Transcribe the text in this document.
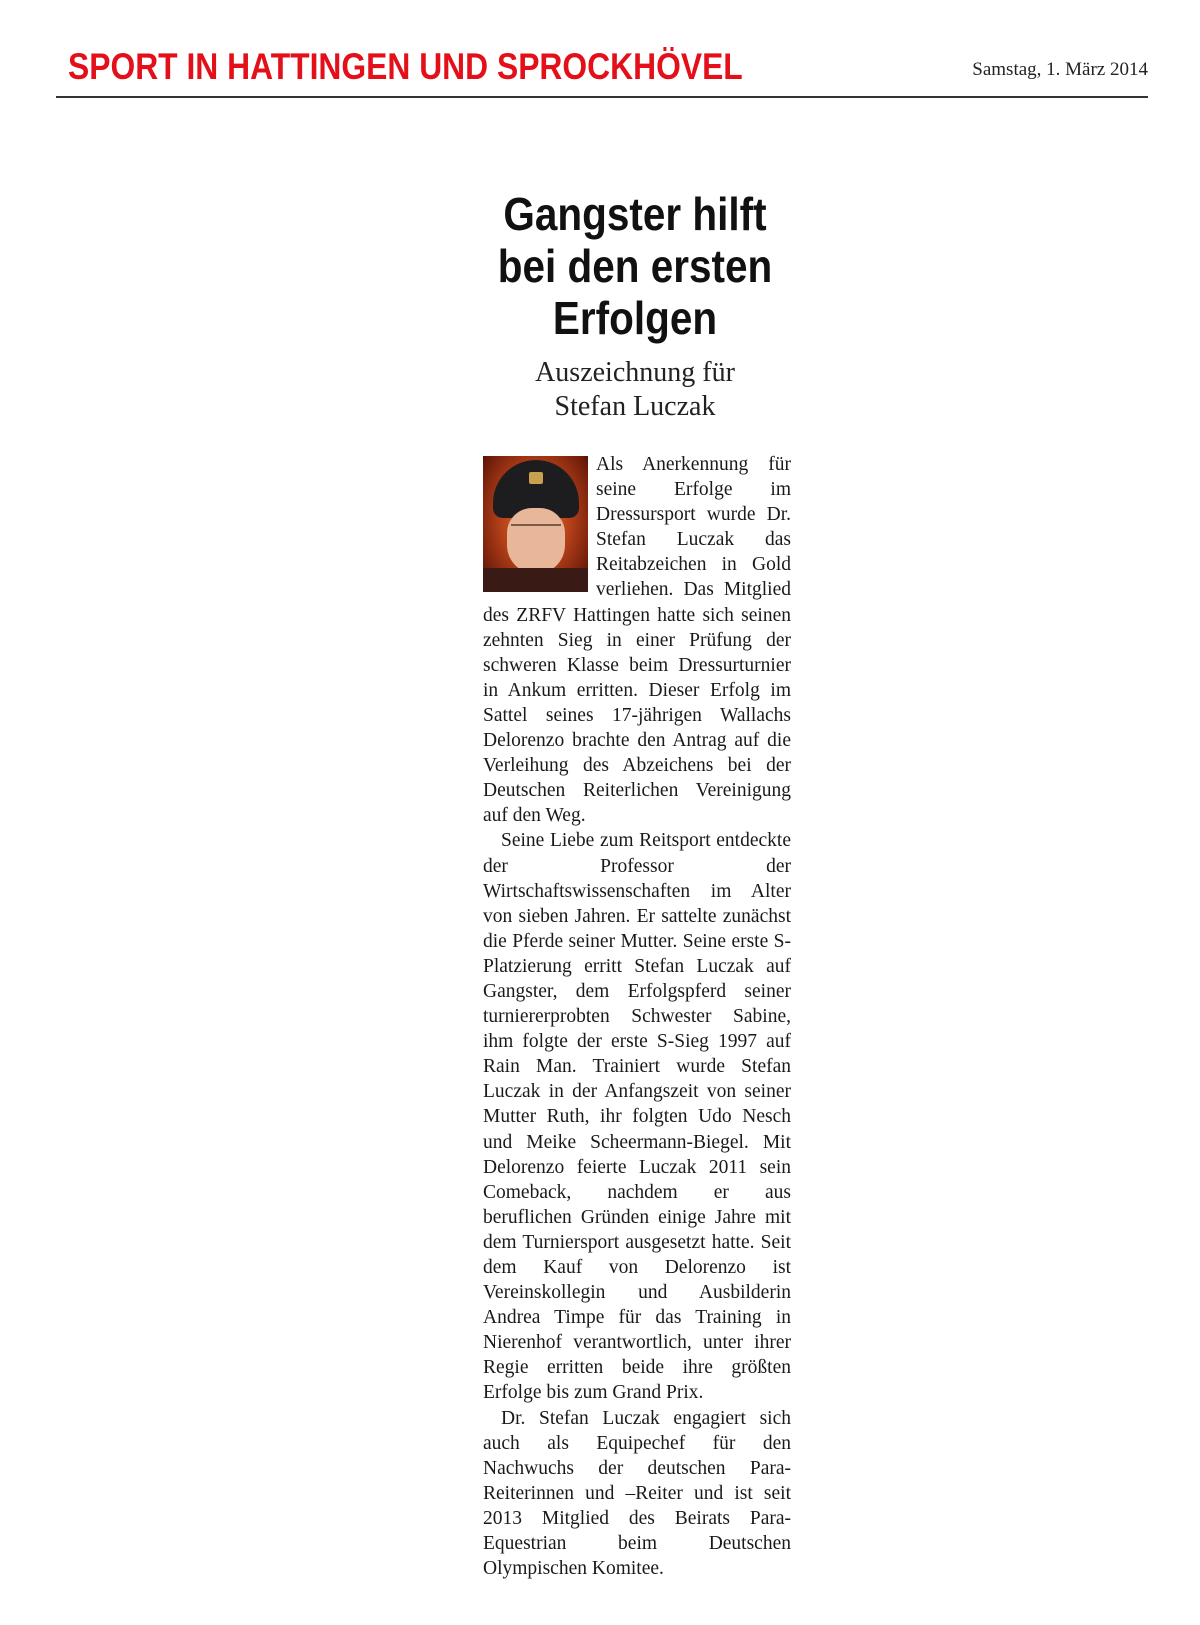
SPORT IN HATTINGEN UND SPROCKHÖVEL	Samstag, 1. März 2014
Gangster hilft
bei den ersten
Erfolgen
Auszeichnung für
Stefan Luczak

Als Anerkennung für seine Erfolge im Dressursport wurde Dr. Stefan Luczak das Reitabzeichen in Gold verliehen. Das Mitglied des ZRFV Hattingen hatte sich seinen zehnten Sieg in einer Prüfung der schweren Klasse beim Dressurturnier in Ankum erritten. Dieser Erfolg im Sattel seines 17-jährigen Wallachs Delorenzo brachte den Antrag auf die Verleihung des Abzeichens bei der Deutschen Reiterlichen Vereinigung auf den Weg.

Seine Liebe zum Reitsport entdeckte der Professor der Wirtschaftswissenschaften im Alter von sieben Jahren. Er sattelte zunächst die Pferde seiner Mutter. Seine erste S-Platzierung erritt Stefan Luczak auf Gangster, dem Erfolgspferd seiner turniererprobten Schwester Sabine, ihm folgte der erste S-Sieg 1997 auf Rain Man. Trainiert wurde Stefan Luczak in der Anfangszeit von seiner Mutter Ruth, ihr folgten Udo Nesch und Meike Scheermann-Biegel. Mit Delorenzo feierte Luczak 2011 sein Comeback, nachdem er aus beruflichen Gründen einige Jahre mit dem Turniersport ausgesetzt hatte. Seit dem Kauf von Delorenzo ist Vereinskollegin und Ausbilderin Andrea Timpe für das Training in Nierenhof verantwortlich, unter ihrer Regie erritten beide ihre größten Erfolge bis zum Grand Prix.

Dr. Stefan Luczak engagiert sich auch als Equipechef für den Nachwuchs der deutschen Para-Reiterinnen und –Reiter und ist seit 2013 Mitglied des Beirats Para-Equestrian beim Deutschen Olympischen Komitee.
